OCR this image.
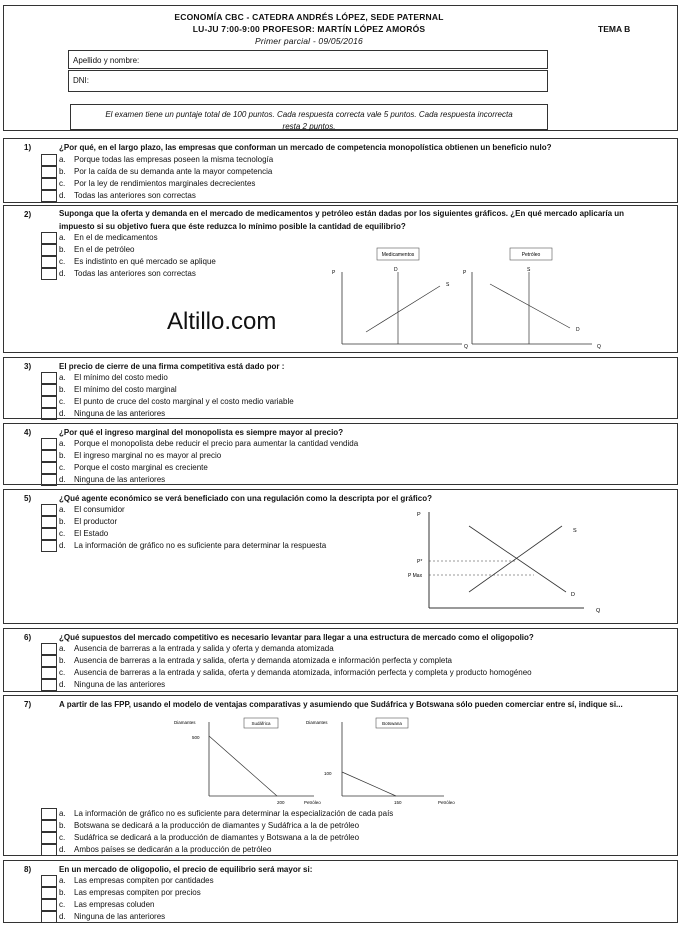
ECONOMÍA CBC - CATEDRA ANDRÉS LÓPEZ, SEDE PATERNAL
LU-JU 7:00-9:00 PROFESOR: MARTÍN LÓPEZ AMORÓS
Primer parcial - 09/05/2016
TEMA B
Apellido y nombre:
DNI:
El examen tiene un puntaje total de 100 puntos. Cada respuesta correcta vale 5 puntos. Cada respuesta incorrecta
resta 2 puntos.
1)	¿Por qué, en el largo plazo, las empresas que conforman un mercado de competencia monopolística obtienen un beneficio nulo?
a. Porque todas las empresas poseen la misma tecnología
b. Por la caída de su demanda ante la mayor competencia
c. Por la ley de rendimientos marginales decrecientes
d. Todas las anteriores son correctas
2)	Suponga que la oferta y demanda en el mercado de medicamentos y petróleo están dadas por los siguientes gráficos. ¿En qué mercado aplicaría un
impuesto si su objetivo fuera que éste reduzca lo mínimo posible la cantidad de equilibrio?
a. En el de medicamentos
b. En el de petróleo
c. Es indistinto en qué mercado se aplique
d. Todas las anteriores son correctas
Medicamentos
P
Q
D
S
Petróleo
P
Q
S
D
Altillo.com
3)	El precio de cierre de una firma competitiva está dado por :
a. El mínimo del costo medio
b. El mínimo del costo marginal
c. El punto de cruce del costo marginal y el costo medio variable
d. Ninguna de las anteriores
4)	¿Por qué el ingreso marginal del monopolista es siempre mayor al precio?
a. Porque el monopolista debe reducir el precio para aumentar la cantidad vendida
b. El ingreso marginal no es mayor al precio
c. Porque el costo marginal es creciente
d. Ninguna de las anteriores
5)	¿Qué agente económico se verá beneficiado con una regulación como la descripta por el gráfico?
a. El consumidor
b. El productor
c. El Estado
d. La información de gráfico no es suficiente para determinar la respuesta
P
Q
S
D
P*
P Max
6)	¿Qué supuestos del mercado competitivo es necesario levantar para llegar a una estructura de mercado como el oligopolio?
a. Ausencia de barreras a la entrada y salida y oferta y demanda atomizada
b. Ausencia de barreras a la entrada y salida, oferta y demanda atomizada e información perfecta y completa
c. Ausencia de barreras a la entrada y salida, oferta y demanda atomizada, información perfecta y completa y producto homogéneo
d. Ninguna de las anteriores
7)	A partir de las FPP, usando el modelo de ventajas comparativas y asumiendo que Sudáfrica y Botswana sólo pueden comerciar entre sí, indique si...
Diamantes	Sudáfrica
500
200	Petróleo
Diamantes	Botswana
100
150	Petróleo
a. La información de gráfico no es suficiente para determinar la especialización de cada país
b. Botswana se dedicará a la producción de diamantes y Sudáfrica a la de petróleo
c. Sudáfrica se dedicará a la producción de diamantes y Botswana a la de petróleo
d. Ambos países se dedicarán a la producción de petróleo
8)	En un mercado de oligopolio, el precio de equilibrio será mayor si:
a. Las empresas compiten por cantidades
b. Las empresas compiten por precios
c. Las empresas coluden
d. Ninguna de las anteriores
